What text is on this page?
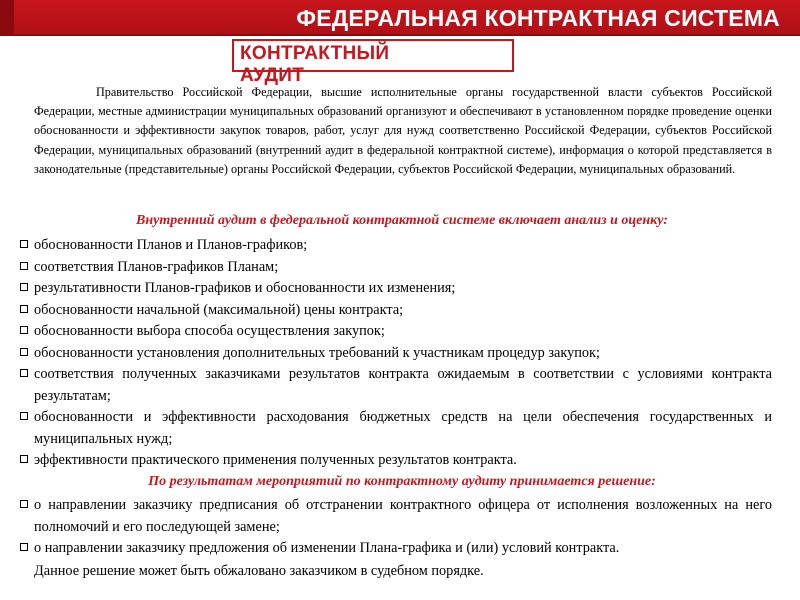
ФЕДЕРАЛЬНАЯ КОНТРАКТНАЯ СИСТЕМА
КОНТРАКТНЫЙ АУДИТ

Правительство Российской Федерации, высшие исполнительные органы государственной власти субъектов Российской Федерации, местные администрации муниципальных образований организуют и обеспечивают в установленном порядке проведение оценки обоснованности и эффективности закупок товаров, работ, услуг для нужд соответственно Российской Федерации, субъектов Российской Федерации, муниципальных образований (внутренний аудит в федеральной контрактной системе), информация о которой представляется в законодательные (представительные) органы Российской Федерации, субъектов Российской Федерации, муниципальных образований.

Внутренний аудит в федеральной контрактной системе включает анализ и оценку:

обоснованности Планов и Планов-графиков;
соответствия Планов-графиков Планам;
результативности Планов-графиков и обоснованности их изменения;
обоснованности начальной (максимальной) цены контракта;
обоснованности выбора способа осуществления закупок;
обоснованности установления дополнительных требований к участникам процедур закупок;
соответствия полученных заказчиками результатов контракта ожидаемым в соответствии с условиями контракта результатам;
обоснованности и эффективности расходования бюджетных средств на цели обеспечения государственных и муниципальных нужд;
эффективности практического применения полученных результатов контракта.

По результатам мероприятий по контрактному аудиту принимается решение:

о направлении заказчику предписания об отстранении контрактного офицера от исполнения возложенных на него полномочий и его последующей замене;
о направлении заказчику предложения об изменении Плана-графика и (или) условий контракта.

Данное решение может быть обжаловано заказчиком в судебном порядке.
